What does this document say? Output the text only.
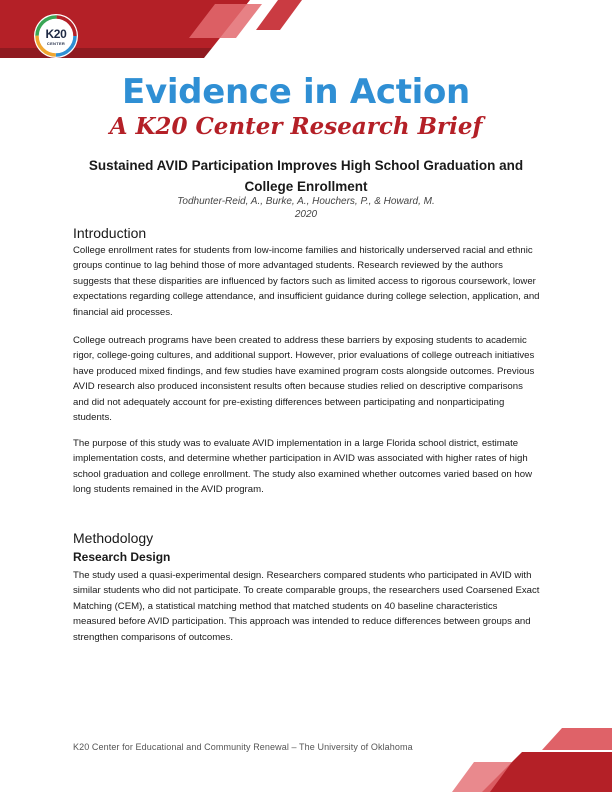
K20
CENTER
Evidence in Action
A K20 Center Research Brief
Sustained AVID Participation Improves High School Graduation and College Enrollment
Todhunter-Reid, A., Burke, A., Houchers, P., & Howard, M.
2020
Introduction

College enrollment rates for students from low-income families and historically underserved racial and ethnic groups continue to lag behind those of more advantaged students. Research reviewed by the authors suggests that these disparities are influenced by factors such as limited access to rigorous coursework, lower expectations regarding college attendance, and insufficient guidance during college selection, application, and financial aid processes.

College outreach programs have been created to address these barriers by exposing students to academic rigor, college-going cultures, and additional support. However, prior evaluations of college outreach initiatives have produced mixed findings, and few studies have examined program costs alongside outcomes. Previous AVID research also produced inconsistent results often because studies relied on descriptive comparisons and did not adequately account for pre-existing differences between participating and nonparticipating students.

The purpose of this study was to evaluate AVID implementation in a large Florida school district, estimate implementation costs, and determine whether participation in AVID was associated with higher rates of high school graduation and college enrollment. The study also examined whether outcomes varied based on how long students remained in the AVID program.

Methodology
Research Design

The study used a quasi-experimental design. Researchers compared students who participated in AVID with similar students who did not participate. To create comparable groups, the researchers used Coarsened Exact Matching (CEM), a statistical matching method that matched students on 40 baseline characteristics measured before AVID participation. This approach was intended to reduce differences between groups and strengthen comparisons of outcomes.

K20 Center for Educational and Community Renewal – The University of Oklahoma
